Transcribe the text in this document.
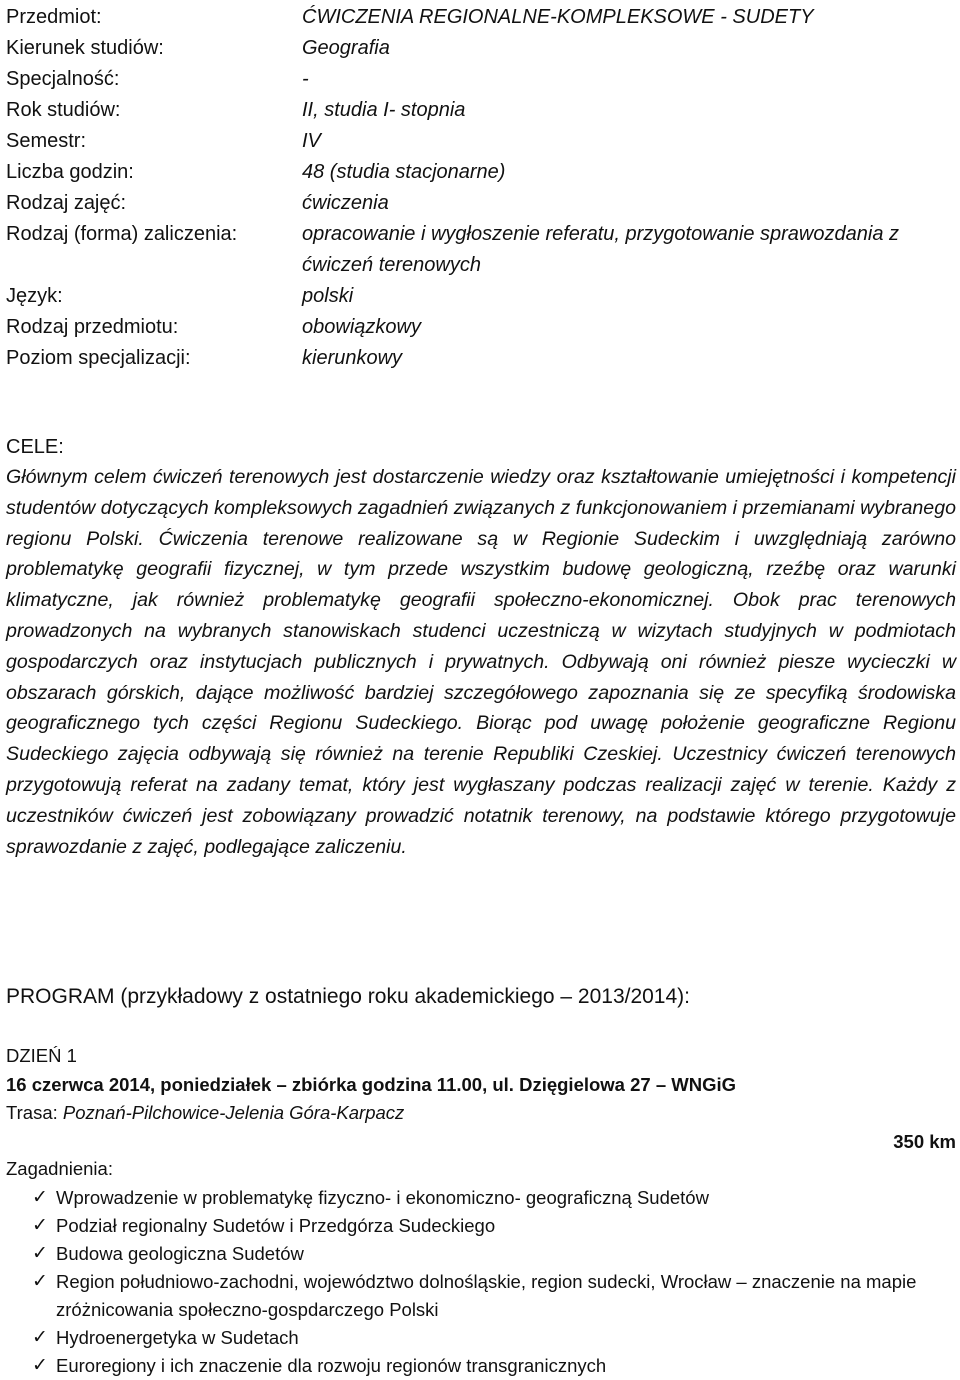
Przedmiot:	ĆWICZENIA REGIONALNE-KOMPLEKSOWE - SUDETY
Kierunek studiów:	Geografia
Specjalność:	-
Rok studiów:	II, studia I- stopnia
Semestr:	IV
Liczba godzin:	48 (studia stacjonarne)
Rodzaj zajęć:	ćwiczenia
Rodzaj (forma) zaliczenia:	opracowanie i wygłoszenie referatu, przygotowanie sprawozdania z ćwiczeń terenowych
Język:	polski
Rodzaj przedmiotu:	obowiązkowy
Poziom specjalizacji:	kierunkowy
CELE:

Głównym celem ćwiczeń terenowych jest dostarczenie wiedzy oraz kształtowanie umiejętności i kompetencji studentów dotyczących kompleksowych zagadnień związanych z funkcjonowaniem i przemianami wybranego regionu Polski. Ćwiczenia terenowe realizowane są w Regionie Sudeckim i uwzględniają zarówno problematykę geografii fizycznej, w tym przede wszystkim budowę geologiczną, rzeźbę oraz warunki klimatyczne, jak również problematykę geografii społeczno-ekonomicznej. Obok prac terenowych prowadzonych na wybranych stanowiskach studenci uczestniczą w wizytach studyjnych w podmiotach gospodarczych oraz instytucjach publicznych i prywatnych. Odbywają oni również piesze wycieczki w obszarach górskich, dające możliwość bardziej szczegółowego zapoznania się ze specyfiką środowiska geograficznego tych części Regionu Sudeckiego. Biorąc pod uwagę położenie geograficzne Regionu Sudeckiego zajęcia odbywają się również na terenie Republiki Czeskiej. Uczestnicy ćwiczeń terenowych przygotowują referat na zadany temat, który jest wygłaszany podczas realizacji zajęć w terenie. Każdy z uczestników ćwiczeń jest zobowiązany prowadzić notatnik terenowy, na podstawie którego przygotowuje sprawozdanie z zajęć, podlegające zaliczeniu.

PROGRAM (przykładowy z ostatniego roku akademickiego – 2013/2014):
DZIEŃ 1
16 czerwca 2014, poniedziałek – zbiórka godzina 11.00, ul. Dzięgielowa 27 – WNGiG
Trasa: Poznań-Pilchowice-Jelenia Góra-Karpacz
350 km
Zagadnienia:
✓ Wprowadzenie w problematykę fizyczno- i ekonomiczno- geograficzną Sudetów
✓ Podział regionalny Sudetów i Przedgórza Sudeckiego
✓ Budowa geologiczna Sudetów
✓ Region południowo-zachodni, województwo dolnośląskie, region sudecki, Wrocław – znaczenie na mapie zróżnicowania społeczno-gospdarczego Polski
✓ Hydroenergetyka w Sudetach
✓ Euroregiony i ich znaczenie dla rozwoju regionów transgranicznych
